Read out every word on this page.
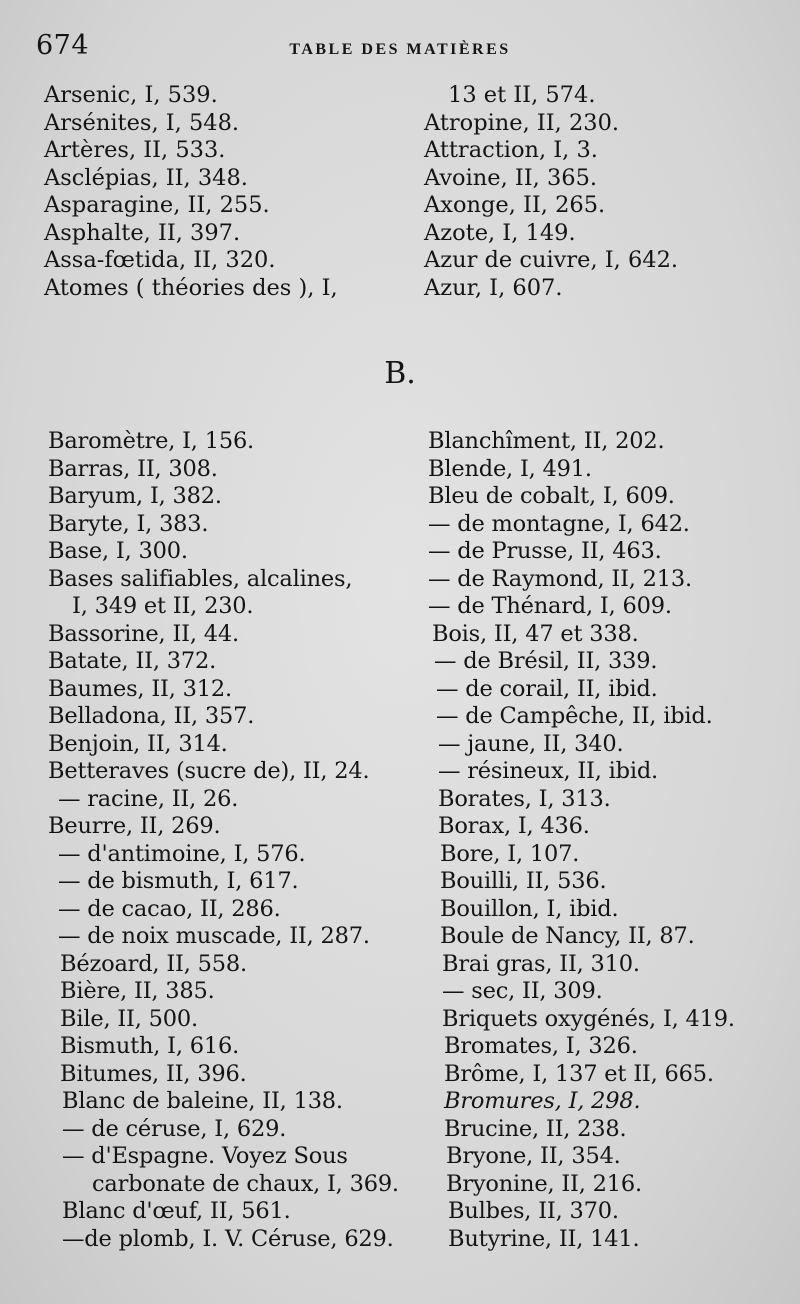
674	TABLE DES MATIÈRES
Arsenic, I, 539.
Arsénites, I, 548.
Artères, II, 533.
Asclépias, II, 348.
Asparagine, II, 255.
Asphalte, II, 397.
Assa-fœtida, II, 320.
Atomes ( théories des ), I,
13 et II, 574.
Atropine, II, 230.
Attraction, I, 3.
Avoine, II, 365.
Axonge, II, 265.
Azote, I, 149.
Azur de cuivre, I, 642.
Azur, I, 607.
B.
Baromètre, I, 156.
Barras, II, 308.
Baryum, I, 382.
Baryte, I, 383.
Base, I, 300.
Bases salifiables, alcalines,
I, 349 et II, 230.
Bassorine, II, 44.
Batate, II, 372.
Baumes, II, 312.
Belladona, II, 357.
Benjoin, II, 314.
Betteraves (sucre de), II, 24.
— racine, II, 26.
Beurre, II, 269.
— d'antimoine, I, 576.
— de bismuth, I, 617.
— de cacao, II, 286.
— de noix muscade, II, 287.
Bézoard, II, 558.
Bière, II, 385.
Bile, II, 500.
Bismuth, I, 616.
Bitumes, II, 396.
Blanc de baleine, II, 138.
— de céruse, I, 629.
— d'Espagne. Voyez Sous
carbonate de chaux, I, 369.
Blanc d'œuf, II, 561.
—de plomb, I. V. Céruse, 629.
Blanchîment, II, 202.
Blende, I, 491.
Bleu de cobalt, I, 609.
— de montagne, I, 642.
— de Prusse, II, 463.
— de Raymond, II, 213.
— de Thénard, I, 609.
Bois, II, 47 et 338.
— de Brésil, II, 339.
— de corail, II, ibid.
— de Campêche, II, ibid.
— jaune, II, 340.
— résineux, II, ibid.
Borates, I, 313.
Borax, I, 436.
Bore, I, 107.
Bouilli, II, 536.
Bouillon, I, ibid.
Boule de Nancy, II, 87.
Brai gras, II, 310.
— sec, II, 309.
Briquets oxygénés, I, 419.
Bromates, I, 326.
Brôme, I, 137 et II, 665.
Bromures, I, 298.
Brucine, II, 238.
Bryone, II, 354.
Bryonine, II, 216.
Bulbes, II, 370.
Butyrine, II, 141.
